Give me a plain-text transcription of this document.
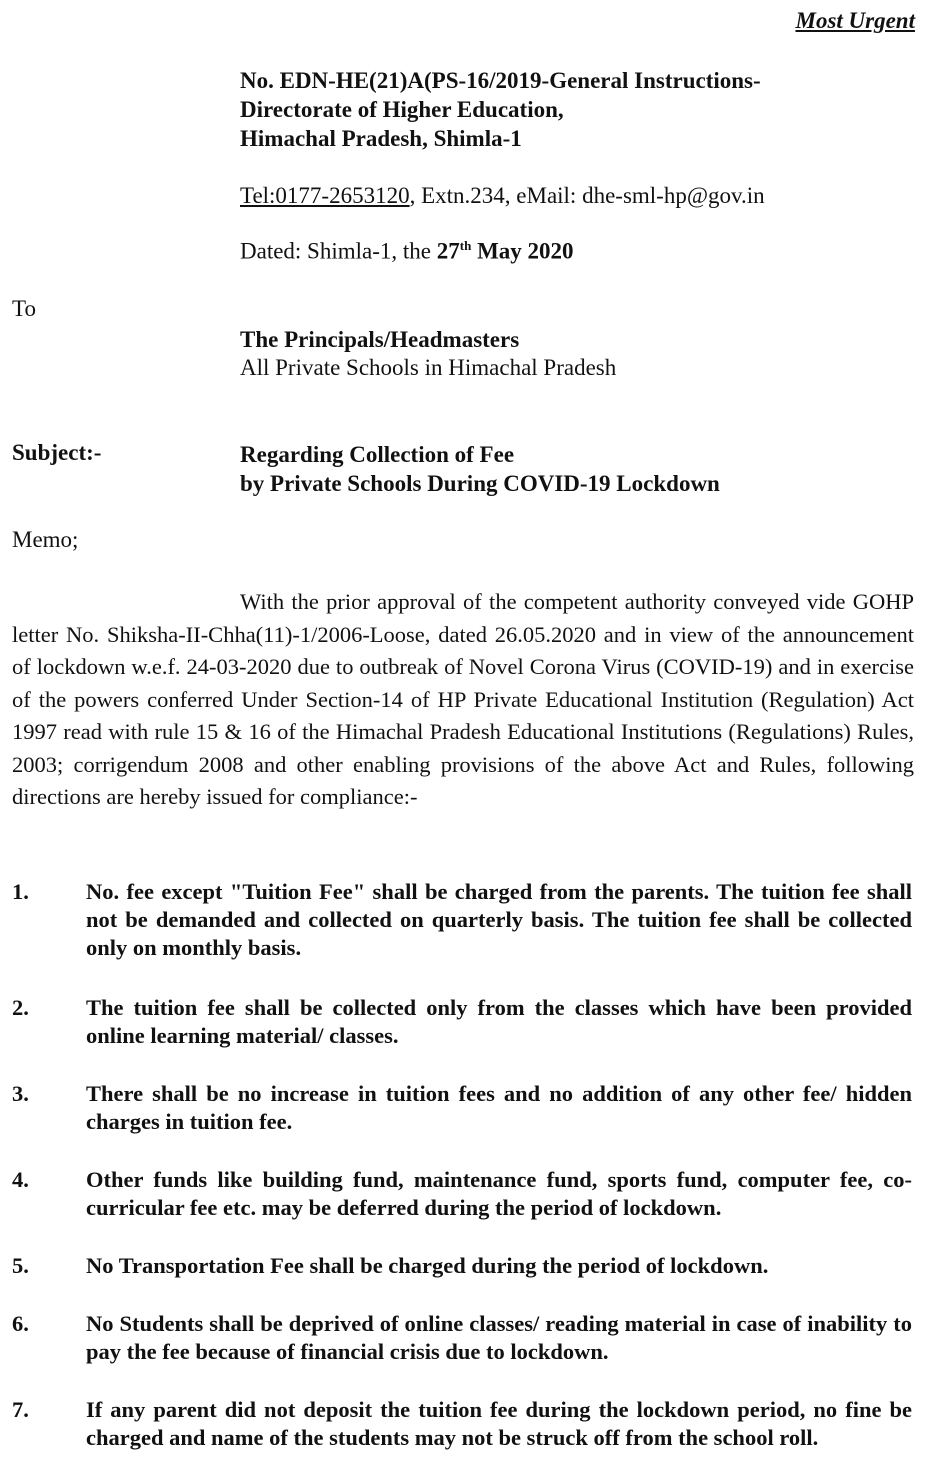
Most Urgent
No. EDN-HE(21)A(PS-16/2019-General Instructions-
Directorate of Higher Education,
Himachal Pradesh, Shimla-1
Tel:0177-2653120, Extn.234, eMail: dhe-sml-hp@gov.in
Dated: Shimla-1, the 27th May 2020
To
The Principals/Headmasters
All Private Schools in Himachal Pradesh
Subject:-	Regarding Collection of Fee
by Private Schools During COVID-19 Lockdown
Memo;
With the prior approval of the competent authority conveyed vide GOHP letter No. Shiksha-II-Chha(11)-1/2006-Loose, dated 26.05.2020 and in view of the announcement of lockdown w.e.f. 24-03-2020 due to outbreak of Novel Corona Virus (COVID-19) and in exercise of the powers conferred Under Section-14 of HP Private Educational Institution (Regulation) Act 1997 read with rule 15 & 16 of the Himachal Pradesh Educational Institutions (Regulations) Rules, 2003; corrigendum 2008 and other enabling provisions of the above Act and Rules, following directions are hereby issued for compliance:-
1.	No. fee except "Tuition Fee" shall be charged from the parents. The tuition fee shall not be demanded and collected on quarterly basis. The tuition fee shall be collected only on monthly basis.
2.	The tuition fee shall be collected only from the classes which have been provided online learning material/ classes.
3.	There shall be no increase in tuition fees and no addition of any other fee/ hidden charges in tuition fee.
4.	Other funds like building fund, maintenance fund, sports fund, computer fee, co-curricular fee etc. may be deferred during the period of lockdown.
5.	No Transportation Fee shall be charged during the period of lockdown.
6.	No Students shall be deprived of online classes/ reading material in case of inability to pay the fee because of financial crisis due to lockdown.
7.	If any parent did not deposit the tuition fee during the lockdown period, no fine be charged and name of the students may not be struck off from the school roll.
